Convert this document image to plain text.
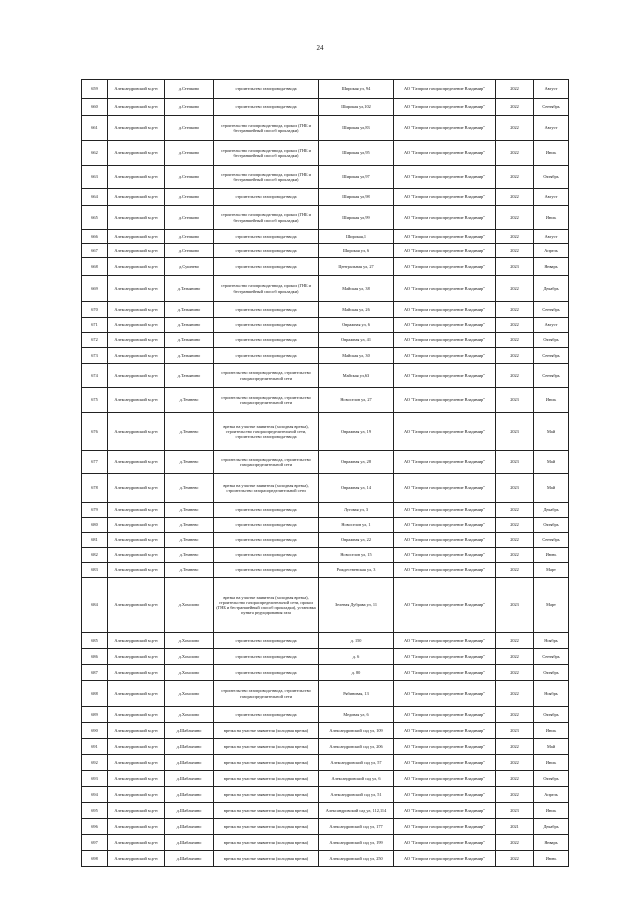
24
659	Александровский м.р-н	д.Степково	строительство газопровода-ввода	Широкая ул, 94	АО "Газпром газораспределение Владимир"	2022	Август
660	Александровский м.р-н	д.Степково	строительство газопровода-ввода	Широкая ул,102	АО "Газпром газораспределение Владимир"	2022	Сентябрь
661	Александровский м.р-н	д.Степково	строительство газопровода-ввода, прокол (ГНБ и бестраншейный способ прокладки)	Широкая ул,83	АО "Газпром газораспределение Владимир"	2022	Август
662	Александровский м.р-н	д.Степково	строительство газопровода-ввода, прокол (ГНБ и бестраншейный способ прокладки)	Широкая ул,95	АО "Газпром газораспределение Владимир"	2022	Июль
663	Александровский м.р-н	д.Степково	строительство газопровода-ввода, прокол (ГНБ и бестраншейный способ прокладки)	Широкая ул,97	АО "Газпром газораспределение Владимир"	2022	Октябрь
664	Александровский м.р-н	д.Степково	строительство газопровода-ввода	Широкая ул,98	АО "Газпром газораспределение Владимир"	2022	Август
665	Александровский м.р-н	д.Степково	строительство газопровода-ввода, прокол (ГНБ и бестраншейный способ прокладки)	Широкая ул,99	АО "Газпром газораспределение Владимир"	2022	Июль
666	Александровский м.р-н	д.Степково	строительство газопровода-ввода	Широкая,1	АО "Газпром газораспределение Владимир"	2022	Август
667	Александровский м.р-н	д.Степково	строительство газопровода-ввода	Широкая ул, 6	АО "Газпром газораспределение Владимир"	2022	Апрель
668	Александровский м.р-н	д.Сушнево	строительство газопровода-ввода	Центральная ул, 27	АО "Газпром газораспределение Владимир"	2023	Январь
669	Александровский м.р-н	д.Татьянино	строительство газопровода-ввода, прокол (ГНБ и бестраншейный способ прокладки)	Майская ул, 38	АО "Газпром газораспределение Владимир"	2022	Декабрь
670	Александровский м.р-н	д.Татьянино	строительство газопровода-ввода	Майская ул, 26	АО "Газпром газораспределение Владимир"	2022	Сентябрь
671	Александровский м.р-н	д.Татьянино	строительство газопровода-ввода	Овражная ул, 6	АО "Газпром газораспределение Владимир"	2022	Август
672	Александровский м.р-н	д.Татьянино	строительство газопровода-ввода	Овражная ул, 41	АО "Газпром газораспределение Владимир"	2022	Октябрь
673	Александровский м.р-н	д.Татьянино	строительство газопровода-ввода	Майская ул, 30	АО "Газпром газораспределение Владимир"	2022	Сентябрь
674	Александровский м.р-н	д.Татьянино	строительство газопровода-ввода, строительство газораспределительной сети	Майская ул,63	АО "Газпром газораспределение Владимир"	2022	Сентябрь
675	Александровский м.р-н	д.Темнево	строительство газопровода-ввода, строительство газораспределительной сети	Новоселов ул, 27	АО "Газпром газораспределение Владимир"	2023	Июль
676	Александровский м.р-н	д.Темнево	врезка на участке заявителя (холодная врезка), строительство газораспределительной сети, строительство газопровода-ввода	Овражная ул, 19	АО "Газпром газораспределение Владимир"	2023	Май
677	Александровский м.р-н	д.Темнево	строительство газопровода-ввода, строительство газораспределительной сети	Овражная ул, 28	АО "Газпром газораспределение Владимир"	2023	Май
678	Александровский м.р-н	д.Темнево	врезка на участке заявителя (холодная врезка), строительство газораспределительной сети	Овражная ул, 14	АО "Газпром газораспределение Владимир"	2023	Май
679	Александровский м.р-н	д.Темнево	строительство газопровода-ввода	Луговая ул, 3	АО "Газпром газораспределение Владимир"	2022	Декабрь
680	Александровский м.р-н	д.Темнево	строительство газопровода-ввода	Новоселов ул, 1	АО "Газпром газораспределение Владимир"	2022	Октябрь
681	Александровский м.р-н	д.Темнево	строительство газопровода-ввода	Овражная ул, 22	АО "Газпром газораспределение Владимир"	2022	Сентябрь
682	Александровский м.р-н	д.Темнево	строительство газопровода-ввода	Новоселов ул, 15	АО "Газпром газораспределение Владимир"	2022	Июнь
683	Александровский м.р-н	д.Темнево	строительство газопровода-ввода	Рождественская ул, 3	АО "Газпром газораспределение Владимир"	2022	Март
684	Александровский м.р-н	д.Хохолово	врезка на участке заявителя (холодная врезка), строительство газораспределительной сети, прокол (ГНБ и бестраншейный способ прокладки), установка пункта редуцирования газа	Зеленая Дубрава ул, 11	АО "Газпром газораспределение Владимир"	2023	Март
685	Александровский м.р-н	д.Хохолово	строительство газопровода-ввода	д. 150	АО "Газпром газораспределение Владимир"	2022	Ноябрь
686	Александровский м.р-н	д.Хохолово	строительство газопровода-ввода	д. 6	АО "Газпром газораспределение Владимир"	2022	Сентябрь
687	Александровский м.р-н	д.Хохолово	строительство газопровода-ввода	д. 80	АО "Газпром газораспределение Владимир"	2022	Октябрь
688	Александровский м.р-н	д.Хохолово	строительство газопровода-ввода, строительство газораспределительной сети	Рябиновая, 13	АО "Газпром газораспределение Владимир"	2022	Ноябрь
689	Александровский м.р-н	д.Хохолово	строительство газопровода-ввода	Медовая ул, 6	АО "Газпром газораспределение Владимир"	2022	Октябрь
690	Александровский м.р-н	д.Шабльнино	врезка на участке заявителя (холодная врезка)	Александровский сад ул, 109	АО "Газпром газораспределение Владимир"	2023	Июль
691	Александровский м.р-н	д.Шабльнино	врезка на участке заявителя (холодная врезка)	Александровский сад ул, 206	АО "Газпром газораспределение Владимир"	2022	Май
692	Александровский м.р-н	д.Шабльнино	врезка на участке заявителя (холодная врезка)	Александровский сад ул, 57	АО "Газпром газораспределение Владимир"	2022	Июль
693	Александровский м.р-н	д.Шабльнино	врезка на участке заявителя (холодная врезка)	Александровский сад ул, 6	АО "Газпром газораспределение Владимир"	2022	Октябрь
694	Александровский м.р-н	д.Шабльнино	врезка на участке заявителя (холодная врезка)	Александровский сад ул, 51	АО "Газпром газораспределение Владимир"	2022	Апрель
695	Александровский м.р-н	д.Шабльнино	врезка на участке заявителя (холодная врезка)	Александровский сад ул, 112,114	АО "Газпром газораспределение Владимир"	2023	Июль
696	Александровский м.р-н	д.Шабльнино	врезка на участке заявителя (холодная врезка)	Александровский сад ул, 177	АО "Газпром газораспределение Владимир"	2021	Декабрь
697	Александровский м.р-н	д.Шабльнино	врезка на участке заявителя (холодная врезка)	Александровский сад ул, 199	АО "Газпром газораспределение Владимир"	2022	Январь
698	Александровский м.р-н	д.Шабльнино	врезка на участке заявителя (холодная врезка)	Александровский сад ул, 250	АО "Газпром газораспределение Владимир"	2022	Июнь
